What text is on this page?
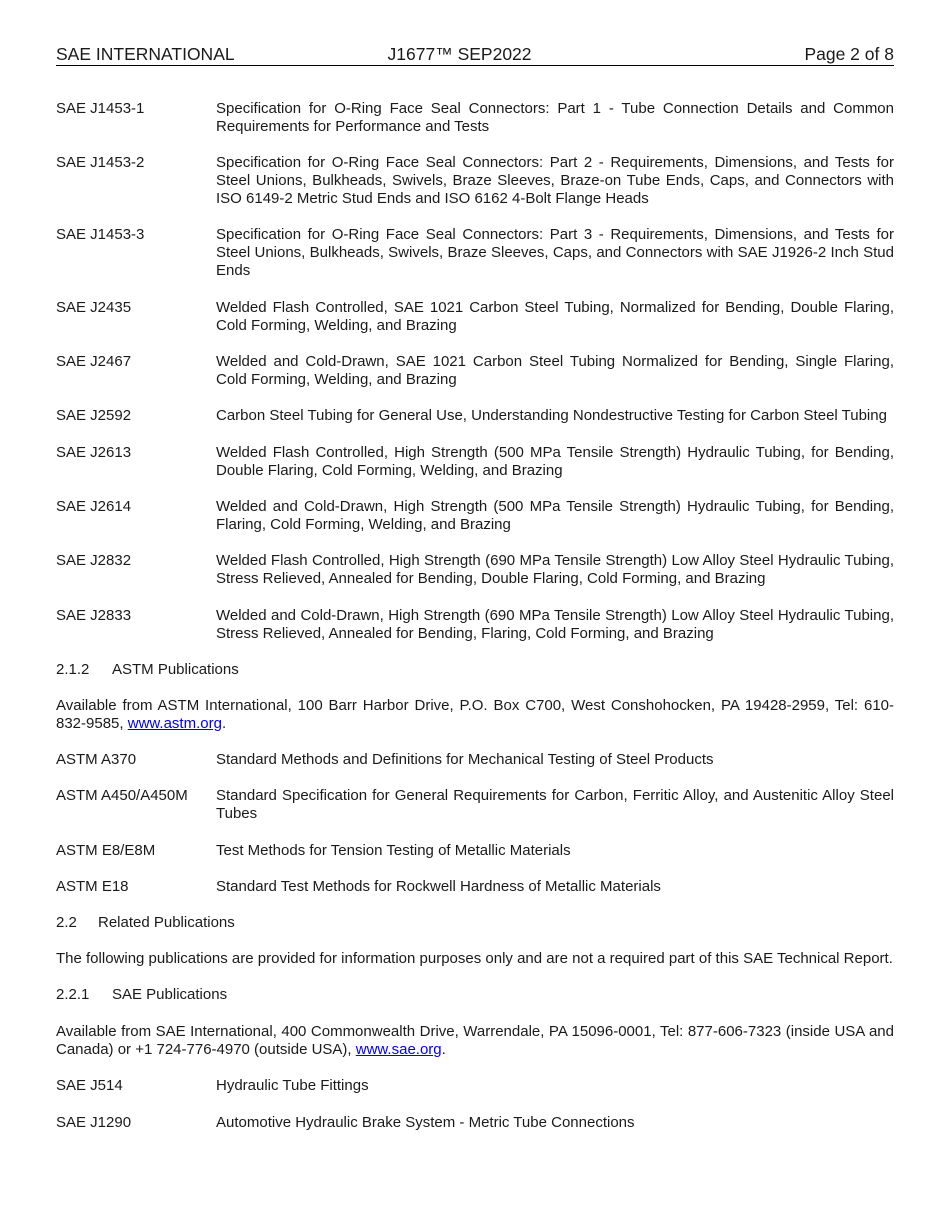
SAE INTERNATIONAL	J1677™ SEP2022	Page 2 of 8
SAE J1453-1	Specification for O-Ring Face Seal Connectors: Part 1 - Tube Connection Details and Common Requirements for Performance and Tests
SAE J1453-2	Specification for O-Ring Face Seal Connectors: Part 2 - Requirements, Dimensions, and Tests for Steel Unions, Bulkheads, Swivels, Braze Sleeves, Braze-on Tube Ends, Caps, and Connectors with ISO 6149-2 Metric Stud Ends and ISO 6162 4-Bolt Flange Heads
SAE J1453-3	Specification for O-Ring Face Seal Connectors: Part 3 - Requirements, Dimensions, and Tests for Steel Unions, Bulkheads, Swivels, Braze Sleeves, Caps, and Connectors with SAE J1926-2 Inch Stud Ends
SAE J2435	Welded Flash Controlled, SAE 1021 Carbon Steel Tubing, Normalized for Bending, Double Flaring, Cold Forming, Welding, and Brazing
SAE J2467	Welded and Cold-Drawn, SAE 1021 Carbon Steel Tubing Normalized for Bending, Single Flaring, Cold Forming, Welding, and Brazing
SAE J2592	Carbon Steel Tubing for General Use, Understanding Nondestructive Testing for Carbon Steel Tubing
SAE J2613	Welded Flash Controlled, High Strength (500 MPa Tensile Strength) Hydraulic Tubing, for Bending, Double Flaring, Cold Forming, Welding, and Brazing
SAE J2614	Welded and Cold-Drawn, High Strength (500 MPa Tensile Strength) Hydraulic Tubing, for Bending, Flaring, Cold Forming, Welding, and Brazing
SAE J2832	Welded Flash Controlled, High Strength (690 MPa Tensile Strength) Low Alloy Steel Hydraulic Tubing, Stress Relieved, Annealed for Bending, Double Flaring, Cold Forming, and Brazing
SAE J2833	Welded and Cold-Drawn, High Strength (690 MPa Tensile Strength) Low Alloy Steel Hydraulic Tubing, Stress Relieved, Annealed for Bending, Flaring, Cold Forming, and Brazing
2.1.2 ASTM Publications
Available from ASTM International, 100 Barr Harbor Drive, P.O. Box C700, West Conshohocken, PA 19428-2959, Tel: 610-832-9585, www.astm.org.
ASTM A370	Standard Methods and Definitions for Mechanical Testing of Steel Products
ASTM A450/A450M	Standard Specification for General Requirements for Carbon, Ferritic Alloy, and Austenitic Alloy Steel Tubes
ASTM E8/E8M	Test Methods for Tension Testing of Metallic Materials
ASTM E18	Standard Test Methods for Rockwell Hardness of Metallic Materials
2.2 Related Publications
The following publications are provided for information purposes only and are not a required part of this SAE Technical Report.
2.2.1 SAE Publications
Available from SAE International, 400 Commonwealth Drive, Warrendale, PA 15096-0001, Tel: 877-606-7323 (inside USA and Canada) or +1 724-776-4970 (outside USA), www.sae.org.
SAE J514	Hydraulic Tube Fittings
SAE J1290	Automotive Hydraulic Brake System - Metric Tube Connections
